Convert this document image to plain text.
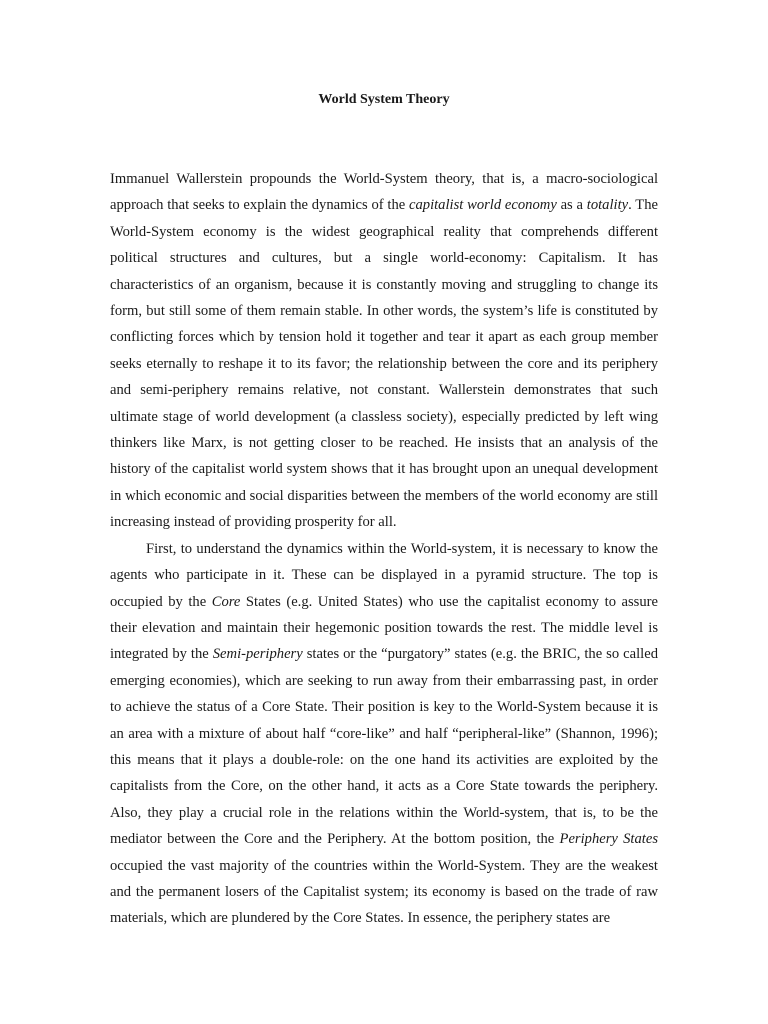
World System Theory

Immanuel Wallerstein propounds the World-System theory, that is, a macro-sociological approach that seeks to explain the dynamics of the capitalist world economy as a totality. The World-System economy is the widest geographical reality that comprehends different political structures and cultures, but a single world-economy: Capitalism. It has characteristics of an organism, because it is constantly moving and struggling to change its form, but still some of them remain stable. In other words, the system’s life is constituted by conflicting forces which by tension hold it together and tear it apart as each group member seeks eternally to reshape it to its favor; the relationship between the core and its periphery and semi-periphery remains relative, not constant. Wallerstein demonstrates that such ultimate stage of world development (a classless society), especially predicted by left wing thinkers like Marx, is not getting closer to be reached. He insists that an analysis of the history of the capitalist world system shows that it has brought upon an unequal development in which economic and social disparities between the members of the world economy are still increasing instead of providing prosperity for all.

First, to understand the dynamics within the World-system, it is necessary to know the agents who participate in it. These can be displayed in a pyramid structure. The top is occupied by the Core States (e.g. United States) who use the capitalist economy to assure their elevation and maintain their hegemonic position towards the rest. The middle level is integrated by the Semi-periphery states or the “purgatory” states (e.g. the BRIC, the so called emerging economies), which are seeking to run away from their embarrassing past, in order to achieve the status of a Core State. Their position is key to the World-System because it is an area with a mixture of about half “core-like” and half “peripheral-like” (Shannon, 1996); this means that it plays a double-role: on the one hand its activities are exploited by the capitalists from the Core, on the other hand, it acts as a Core State towards the periphery. Also, they play a crucial role in the relations within the World-system, that is, to be the mediator between the Core and the Periphery. At the bottom position, the Periphery States occupied the vast majority of the countries within the World-System. They are the weakest and the permanent losers of the Capitalist system; its economy is based on the trade of raw materials, which are plundered by the Core States. In essence, the periphery states are
